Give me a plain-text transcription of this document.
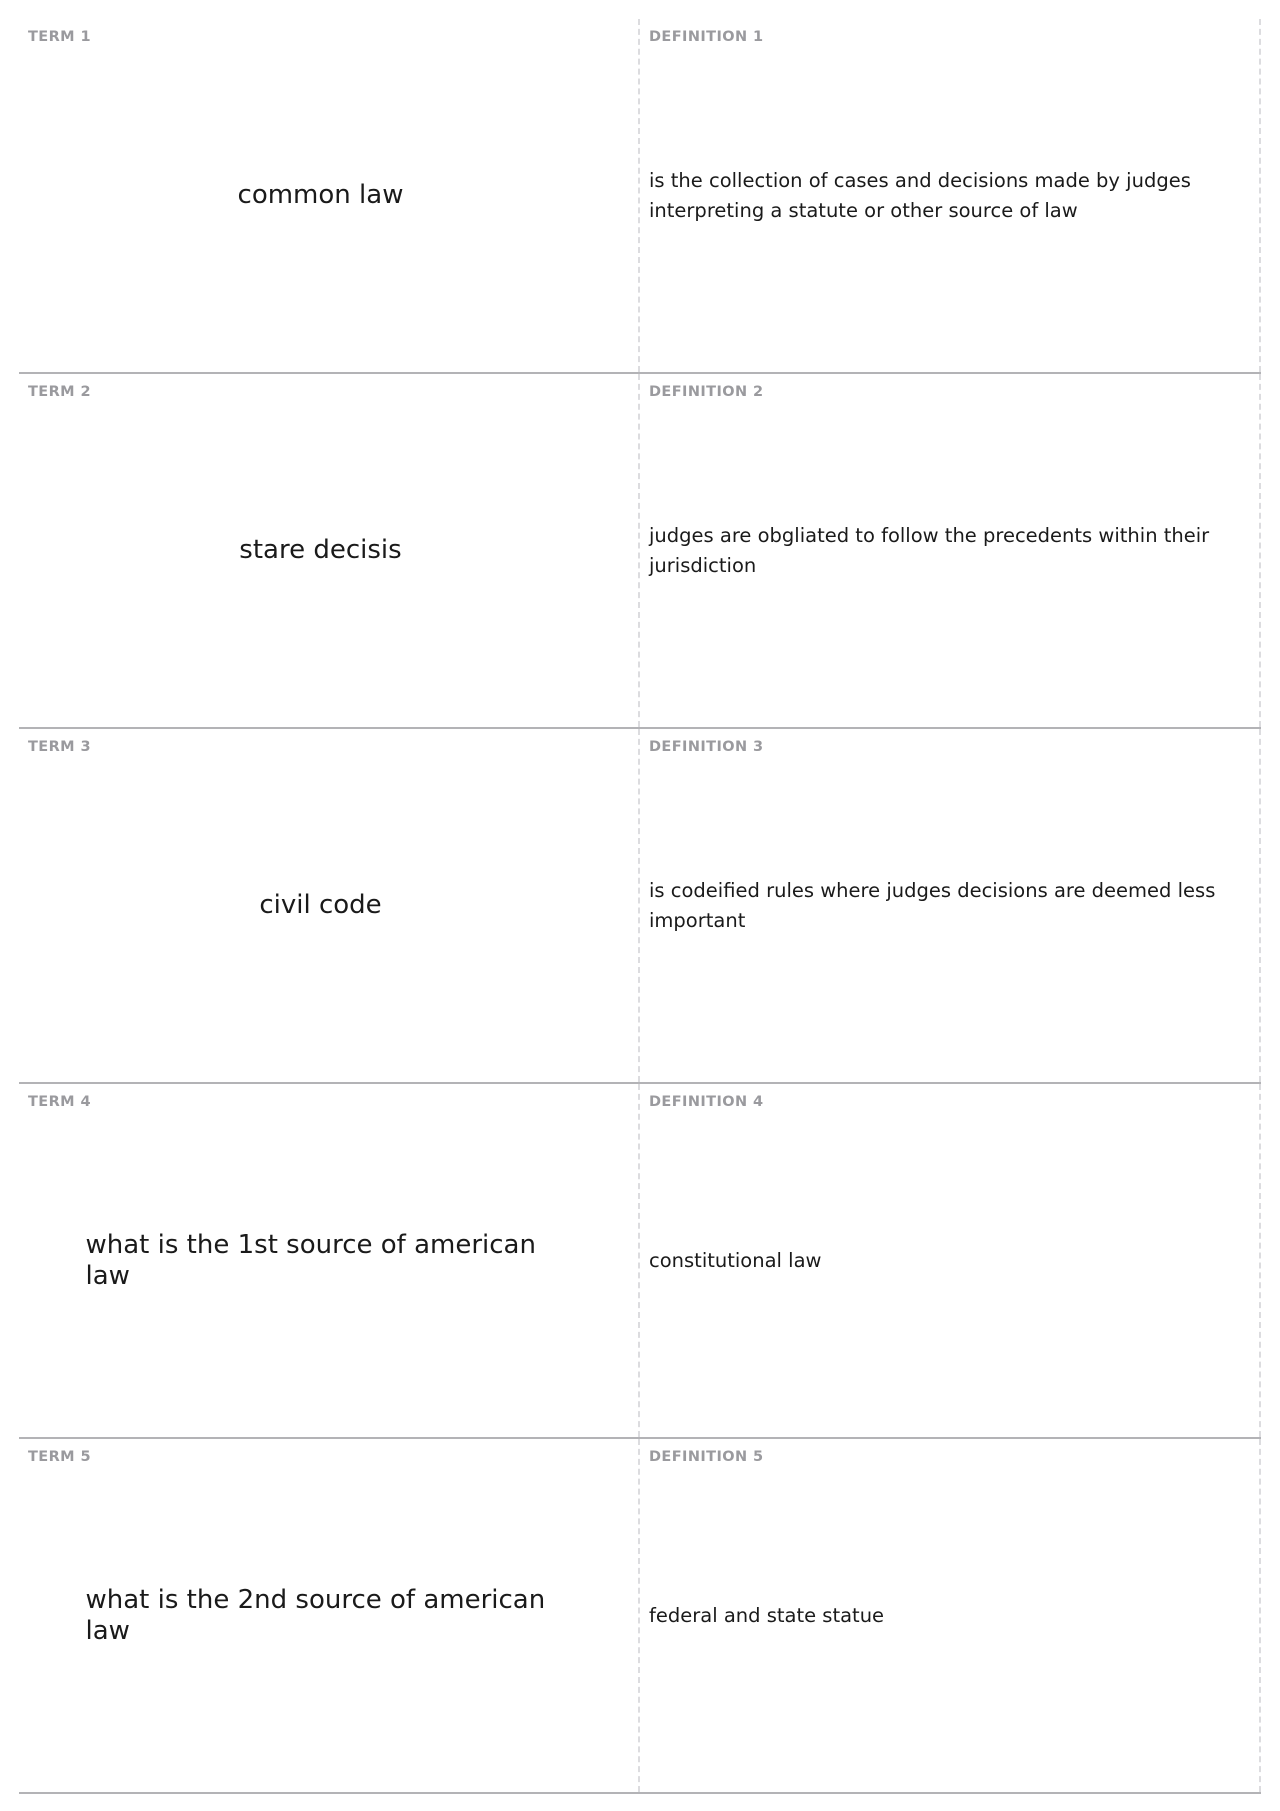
TERM 1
common law
DEFINITION 1
is the collection of cases and decisions made by judges interpreting a statute or other source of law
TERM 2
stare decisis
DEFINITION 2
judges are obgliated to follow the precedents within their jurisdiction
TERM 3
civil code
DEFINITION 3
is codeified rules where judges decisions are deemed less important
TERM 4
what is the 1st source of american law
DEFINITION 4
constitutional law
TERM 5
what is the 2nd source of american law
DEFINITION 5
federal and state statue
